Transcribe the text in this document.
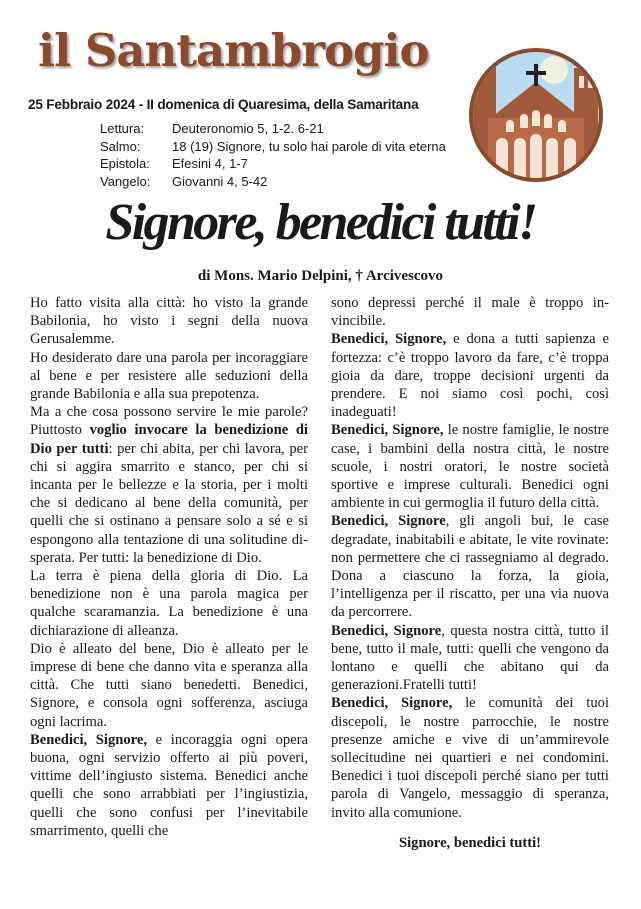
il Santambrogio
25 Febbraio 2024 - II domenica di Quaresima, della Samaritana
Lettura:	Deuteronomio 5, 1-2. 6-21
Salmo:	18 (19) Signore, tu solo hai parole di vita eterna
Epistola:	Efesini 4, 1-7
Vangelo:	Giovanni 4, 5-42
Signore, benedici tutti!
di Mons. Mario Delpini, † Arcivescovo

Ho fatto visita alla città: ho visto la grande Babilonia, ho visto i segni della nuova Gerusalemme.

Ho desiderato dare una parola per incoraggiare al bene e per resistere alle seduzioni della grande Babilonia e alla sua prepotenza.

Ma a che cosa possono servire le mie parole? Piuttosto voglio invocare la benedizione di Dio per tutti: per chi abita, per chi lavora, per chi si aggira smarrito e stanco, per chi si incanta per le bellezze e la storia, per i molti che si dedicano al bene della comunità, per quelli che si ostinano a pensare solo a sé e si espongono alla tentazione di una solitudine disperata. Per tutti: la benedizione di Dio.

La terra è piena della gloria di Dio. La benedizione non è una parola magica per qualche scaramanzia. La benedizione è una dichiarazione di alleanza.

Dio è alleato del bene, Dio è alleato per le imprese di bene che danno vita e speranza alla città. Che tutti siano benedetti. Benedici, Signore, e consola ogni sofferenza, asciuga ogni lacrima.

Benedici, Signore, e incoraggia ogni opera buona, ogni servizio offerto ai più poveri, vittime dell’ingiusto sistema. Benedici anche quelli che sono arrabbiati per l’ingiustizia, quelli che sono confusi per l’inevitabile smarrimento, quelli che

sono depressi perché il male è troppo invincibile.

Benedici, Signore, e dona a tutti sapienza e fortezza: c’è troppo lavoro da fare, c’è troppa gioia da dare, troppe decisioni urgenti da prendere. E noi siamo così pochi, così inadeguati!

Benedici, Signore, le nostre famiglie, le nostre case, i bambini della nostra città, le nostre scuole, i nostri oratori, le nostre società sportive e imprese culturali. Benedici ogni ambiente in cui germoglia il futuro della città.

Benedici, Signore, gli angoli bui, le case degradate, inabitabili e abitate, le vite rovinate: non permettere che ci rassegniamo al degrado. Dona a ciascuno la forza, la gioia, l’intelligenza per il riscatto, per una via nuova da percorrere.

Benedici, Signore, questa nostra città, tutto il bene, tutto il male, tutti: quelli che vengono da lontano e quelli che abitano qui da generazioni.Fratelli tutti!

Benedici, Signore, le comunità dei tuoi discepoli, le nostre parrocchie, le nostre presenze amiche e vive di un’ammirevole sollecitudine nei quartieri e nei condomini. Benedici i tuoi discepoli perché siano per tutti parola di Vangelo, messaggio di speranza, invito alla comunione.

Signore, benedici tutti!
